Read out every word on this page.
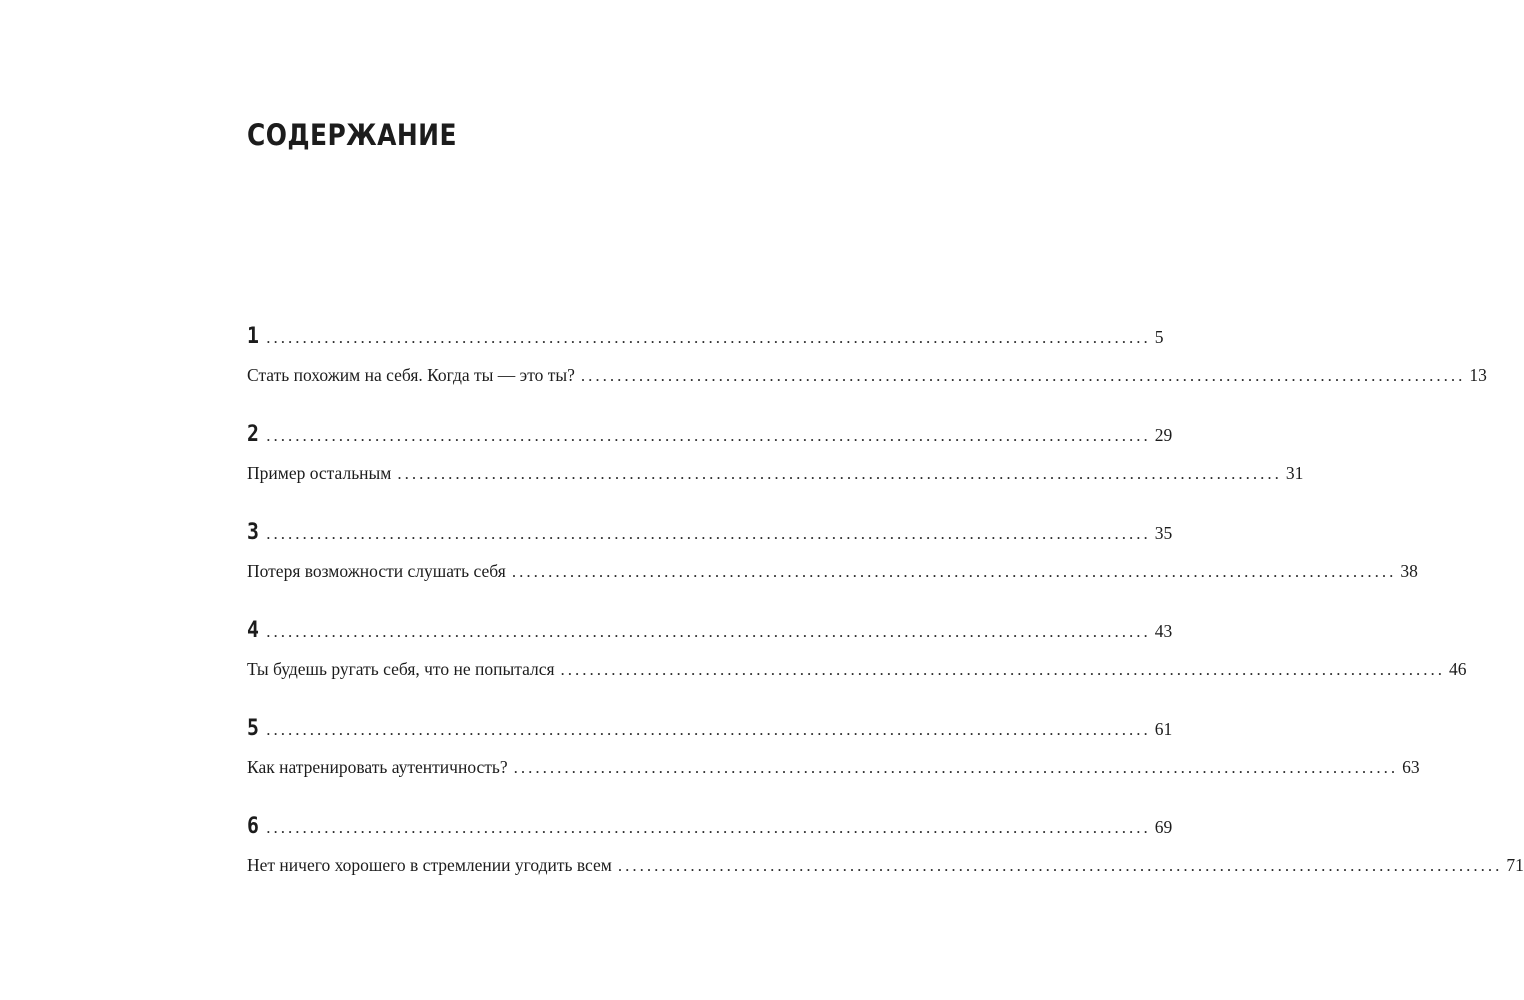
СОДЕРЖАНИЕ
1 .......................................................................................................................... 5
Стать похожим на себя. Когда ты — это ты? .......................................................................................................................... 13
2 .......................................................................................................................... 29
Пример остальным .......................................................................................................................... 31
3 .......................................................................................................................... 35
Потеря возможности слушать себя .......................................................................................................................... 38
4 .......................................................................................................................... 43
Ты будешь ругать себя, что не попытался .......................................................................................................................... 46
5 .......................................................................................................................... 61
Как натренировать аутентичность? .......................................................................................................................... 63
6 .......................................................................................................................... 69
Нет ничего хорошего в стремлении угодить всем .......................................................................................................................... 71
